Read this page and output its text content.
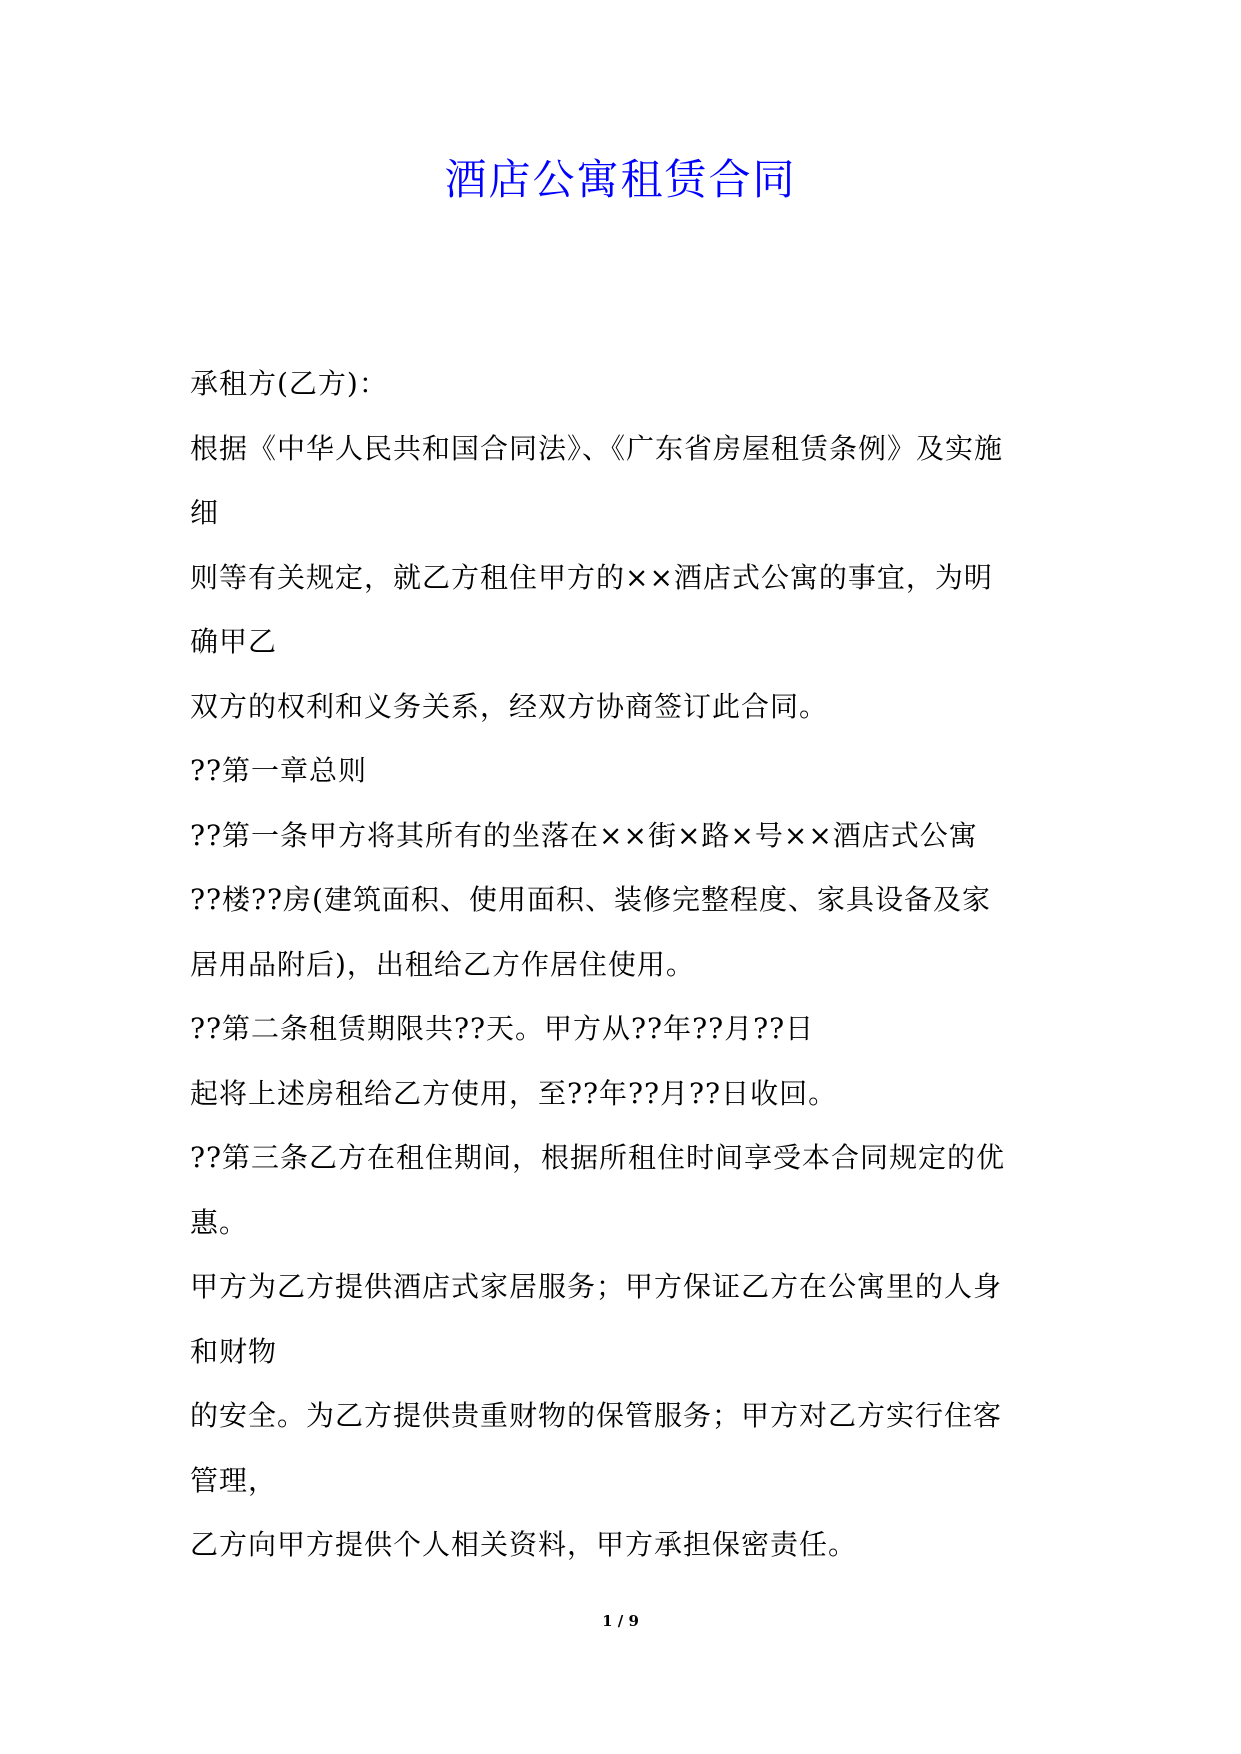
酒店公寓租赁合同
承租方(乙方)：
根据《中华人民共和国合同法》、《广东省房屋租赁条例》及实施
细
则等有关规定，就乙方租住甲方的××酒店式公寓的事宜，为明
确甲乙
双方的权利和义务关系，经双方协商签订此合同。
??第一章总则
??第一条甲方将其所有的坐落在××街×路×号××酒店式公寓
??楼??房(建筑面积、使用面积、装修完整程度、家具设备及家
居用品附后)，出租给乙方作居住使用。
??第二条租赁期限共??天。甲方从??年??月??日
起将上述房租给乙方使用，至??年??月??日收回。
??第三条乙方在租住期间，根据所租住时间享受本合同规定的优
惠。
甲方为乙方提供酒店式家居服务；甲方保证乙方在公寓里的人身
和财物
的安全。为乙方提供贵重财物的保管服务；甲方对乙方实行住客
管理，
乙方向甲方提供个人相关资料，甲方承担保密责任。
1 / 9
